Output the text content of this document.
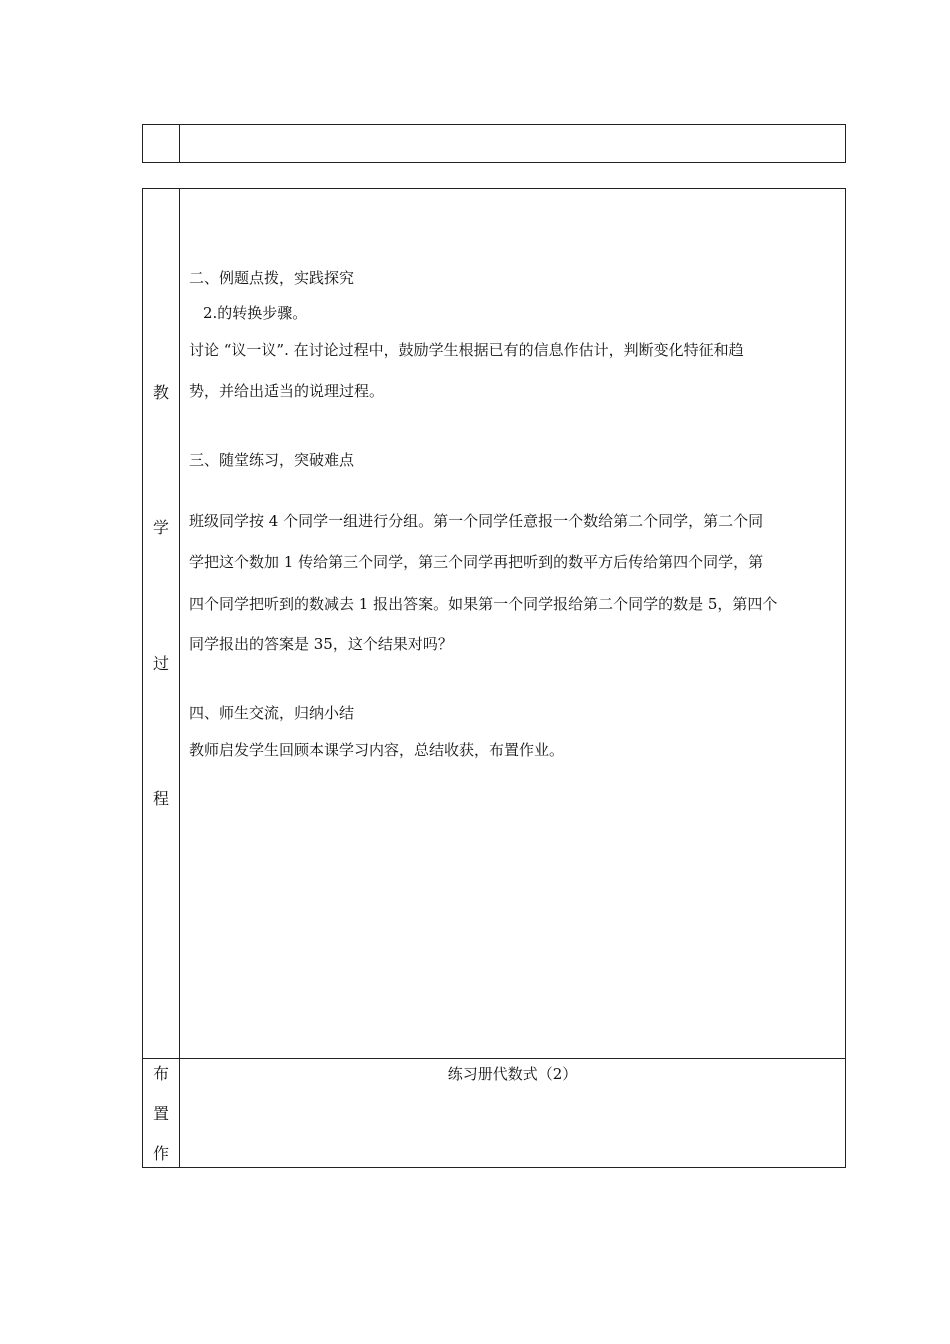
教
学
过
程
二、例题点拨，实践探究
2.的转换步骤。
讨论 “议一议”. 在讨论过程中，鼓励学生根据已有的信息作估计，判断变化特征和趋
势，并给出适当的说理过程。
三、随堂练习，突破难点
班级同学按 4 个同学一组进行分组。第一个同学任意报一个数给第二个同学，第二个同
学把这个数加 1 传给第三个同学，第三个同学再把听到的数平方后传给第四个同学，第
四个同学把听到的数减去 1 报出答案。如果第一个同学报给第二个同学的数是 5，第四个
同学报出的答案是 35，这个结果对吗？
四、师生交流，归纳小结
教师启发学生回顾本课学习内容，总结收获，布置作业。
布
置
作
练习册代数式（2）
